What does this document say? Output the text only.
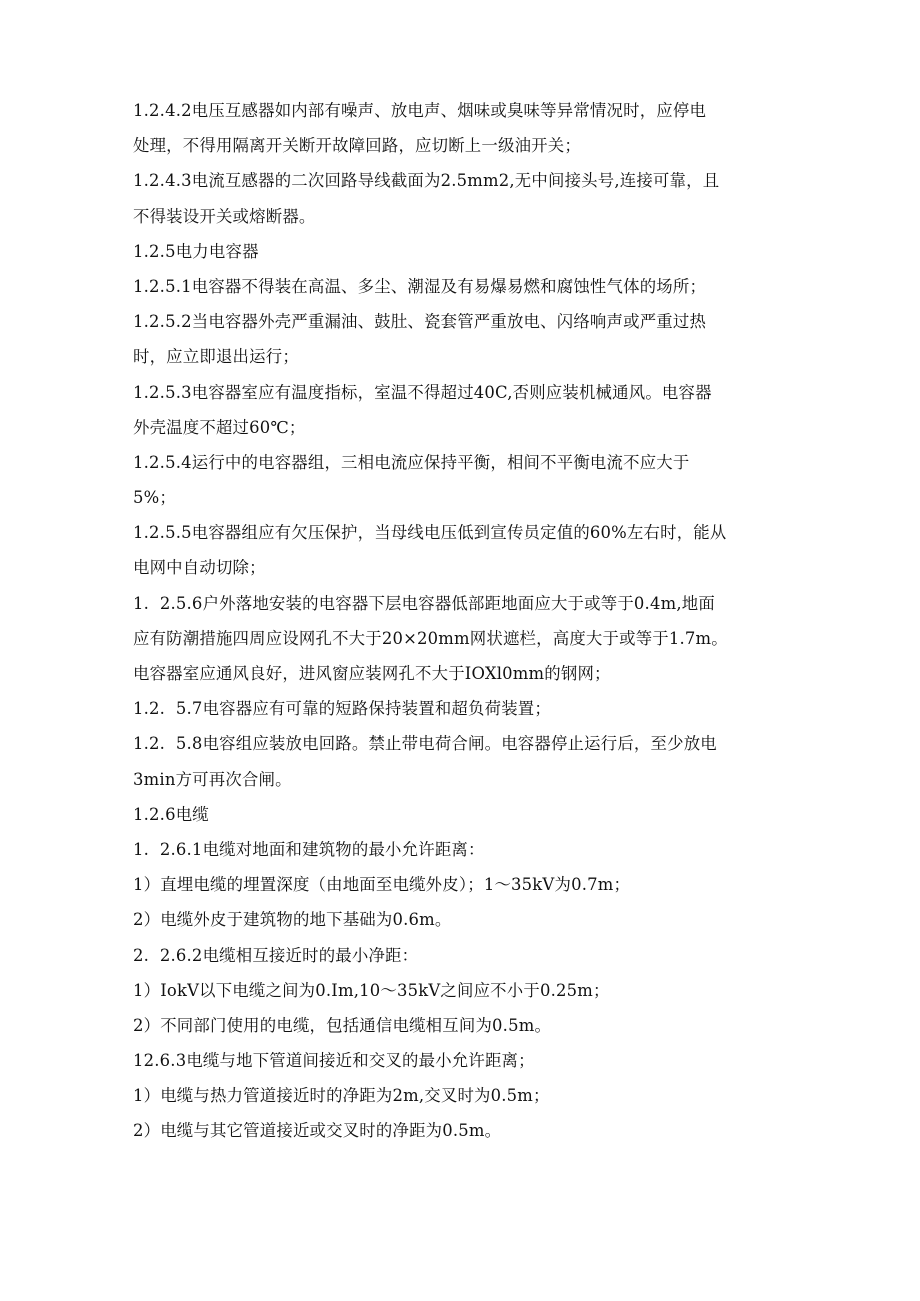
1.2.4.2电压互感器如内部有噪声、放电声、烟味或臭味等异常情况时，应停电
处理，不得用隔离开关断开故障回路，应切断上一级油开关；
1.2.4.3电流互感器的二次回路导线截面为2.5mm2,无中间接头号,连接可靠，且
不得装设开关或熔断器。
1.2.5电力电容器
1.2.5.1电容器不得装在高温、多尘、潮湿及有易爆易燃和腐蚀性气体的场所；
1.2.5.2当电容器外壳严重漏油、鼓肚、瓷套管严重放电、闪络响声或严重过热
时，应立即退出运行；
1.2.5.3电容器室应有温度指标，室温不得超过40C,否则应装机械通风。电容器
外壳温度不超过60℃；
1.2.5.4运行中的电容器组，三相电流应保持平衡，相间不平衡电流不应大于
5%；
1.2.5.5电容器组应有欠压保护，当母线电压低到宣传员定值的60%左右时，能从
电网中自动切除；
1.  2.5.6户外落地安装的电容器下层电容器低部距地面应大于或等于0.4m,地面
应有防潮措施四周应设网孔不大于20×20mm网状遮栏，高度大于或等于1.7m。
电容器室应通风良好，进风窗应装网孔不大于IOXl0mm的钢网；
1.2.  5.7电容器应有可靠的短路保持装置和超负荷装置；
1.2.  5.8电容组应装放电回路。禁止带电荷合闸。电容器停止运行后，至少放电
3min方可再次合闸。
1.2.6电缆
1.  2.6.1电缆对地面和建筑物的最小允许距离：
1）直埋电缆的埋置深度（由地面至电缆外皮）；1～35kV为0.7m；
2）电缆外皮于建筑物的地下基础为0.6m。
2.  2.6.2电缆相互接近时的最小净距：
1）IokV以下电缆之间为0.Im,10～35kV之间应不小于0.25m；
2）不同部门使用的电缆，包括通信电缆相互间为0.5m。
12.6.3电缆与地下管道间接近和交叉的最小允许距离；
1）电缆与热力管道接近时的净距为2m,交叉时为0.5m；
2）电缆与其它管道接近或交叉时的净距为0.5m。
